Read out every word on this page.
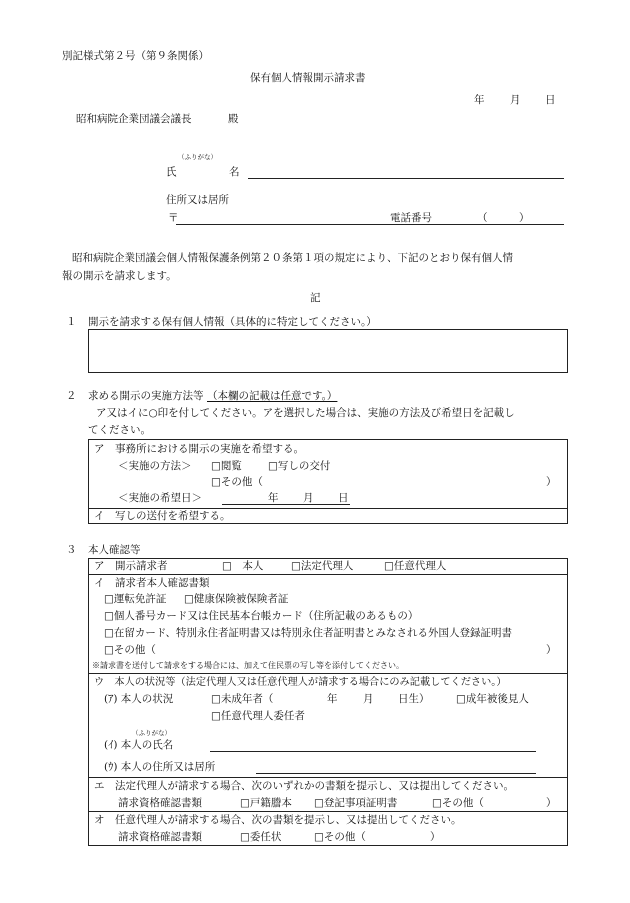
別記様式第２号（第９条関係）
保有個人情報開示請求書
年 月 日
昭和病院企業団議会議長	殿
（ふりがな）
氏	名
住所又は居所
〒	電話番号	（　　　）
昭和病院企業団議会個人情報保護条例第２０条第１項の規定により、下記のとおり保有個人情
報の開示を請求します。
記
１ 開示を請求する保有個人情報（具体的に特定してください。）
２ 求める開示の実施方法等 （本欄の記載は任意です。）
ア又はイに○印を付してください。アを選択した場合は、実施の方法及び希望日を記載し
てください。
ア　事務所における開示の実施を希望する。
＜実施の方法＞ □閲覧 □写しの交付
□その他（	）
＜実施の希望日＞	年 月 日
イ　写しの送付を希望する。
３ 本人確認等
ア　開示請求者	□　本人	□法定代理人	□任意代理人
イ　請求者本人確認書類
□運転免許証 □健康保険被保険者証
□個人番号カード又は住民基本台帳カード（住所記載のあるもの）
□在留カード、特別永住者証明書又は特別永住者証明書とみなされる外国人登録証明書
□その他（	）
※請求書を送付して請求をする場合には、加えて住民票の写し等を添付してください。
ウ　本人の状況等（法定代理人又は任意代理人が請求する場合にのみ記載してください。）
(ｱ) 本人の状況	□未成年者（	年 月 日生）	□成年被後見人
□任意代理人委任者
（ふりがな）
(ｲ) 本人の氏名
(ｳ) 本人の住所又は居所
エ　法定代理人が請求する場合、次のいずれかの書類を提示し、又は提出してください。
請求資格確認書類	□戸籍謄本 □登記事項証明書	□その他（	）
オ　任意代理人が請求する場合、次の書類を提示し、又は提出してください。
請求資格確認書類	□委任状	□その他（	）
